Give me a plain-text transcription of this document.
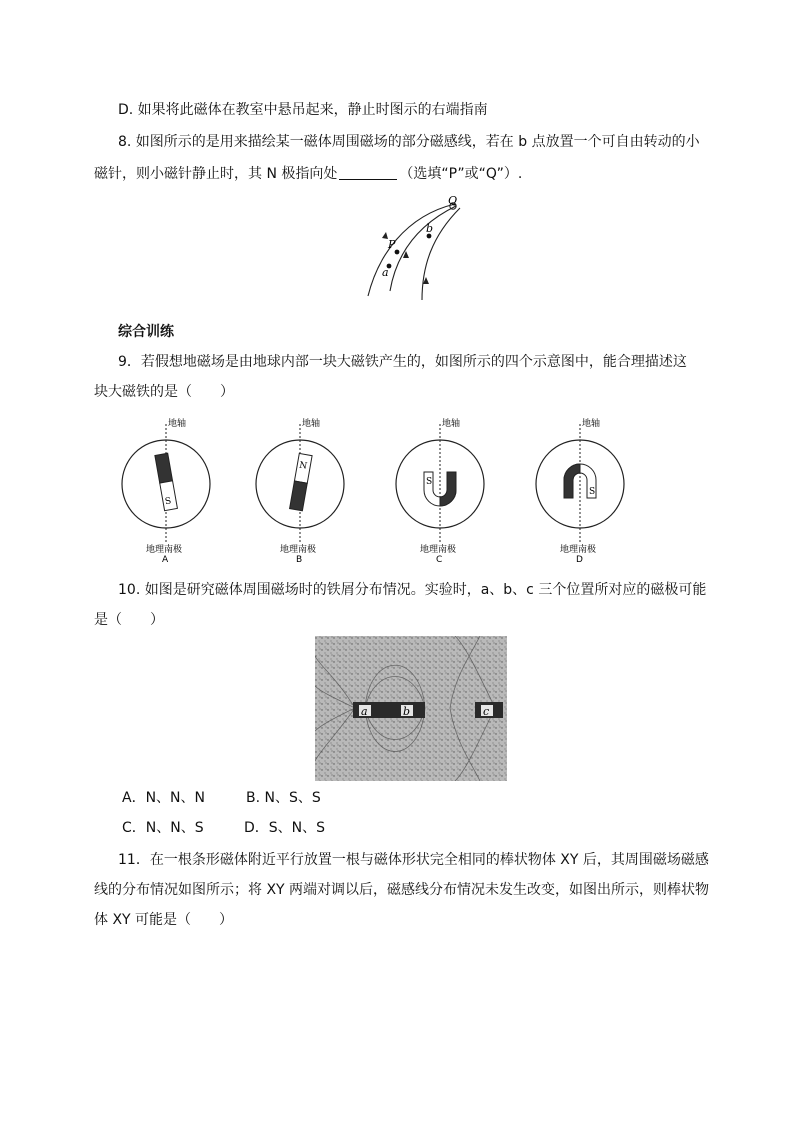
D. 如果将此磁体在教室中悬吊起来，静止时图示的右端指南
8. 如图所示的是用来描绘某一磁体周围磁场的部分磁感线，若在 b 点放置一个可自由转动的小
磁针，则小磁针静止时，其 N 极指向处	（选填“P”或“Q”）.
P
Q
b
a
综合训练
9．若假想地磁场是由地球内部一块大磁铁产生的，如图所示的四个示意图中，能合理描述这
块大磁铁的是（　　）
S
地轴
地理南极
A
N
地轴
地理南极
B
S
地轴
地理南极
C
S
地轴
地理南极
D
10. 如图是研究磁体周围磁场时的铁屑分布情况。实验时，a、b、c 三个位置所对应的磁极可能
是（　　）
a	b	c
A．N、N、N	B. N、S、S
C．N、N、S	D．S、N、S
11．在一根条形磁体附近平行放置一根与磁体形状完全相同的棒状物体 XY 后，其周围磁场磁感
线的分布情况如图所示；将 XY 两端对调以后，磁感线分布情况未发生改变，如图出所示，则棒状物
体 XY 可能是（　　）
